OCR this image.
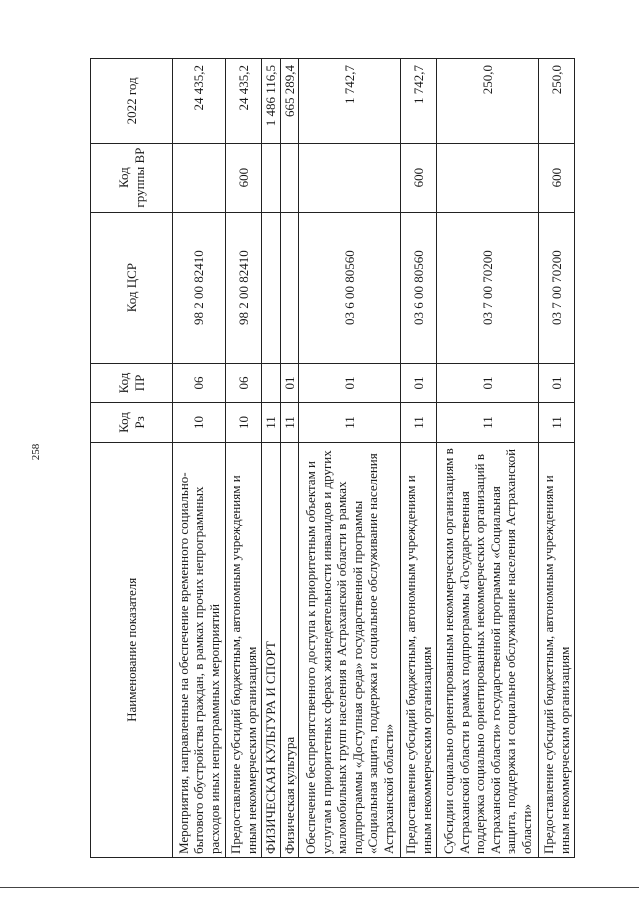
258
Наименование показателя	Код Рз	Код ПР	Код ЦСР	Код группы ВР	2022 год
Мероприятия, направленные на обеспечение временного социально-бытового обустройства граждан, в рамках прочих непрограммных расходов иных непрограммных мероприятий	10	06	98 2 00 82410		24 435,2
Предоставление субсидий бюджетным, автономным учреждениям и иным некоммерческим организациям	10	06	98 2 00 82410	600	24 435,2
ФИЗИЧЕСКАЯ КУЛЬТУРА И СПОРТ	11				1 486 116,5
Физическая культура	11	01			665 289,4
Обеспечение беспрепятственного доступа к приоритетным объектам и услугам в приоритетных сферах жизнедеятельности инвалидов и других маломобильных групп населения в Астраханской области в рамках подпрограммы «Доступная среда» государственной программы «Социальная защита, поддержка и социальное обслуживание населения Астраханской области»	11	01	03 6 00 80560		1 742,7
Предоставление субсидий бюджетным, автономным учреждениям и иным некоммерческим организациям	11	01	03 6 00 80560	600	1 742,7
Субсидии социально ориентированным некоммерческим организациям в Астраханской области в рамках подпрограммы «Государственная поддержка социально ориентированных некоммерческих организаций в Астраханской области» государственной программы «Социальная защита, поддержка и социальное обслуживание населения Астраханской области»	11	01	03 7 00 70200		250,0
Предоставление субсидий бюджетным, автономным учреждениям и иным некоммерческим организациям	11	01	03 7 00 70200	600	250,0
